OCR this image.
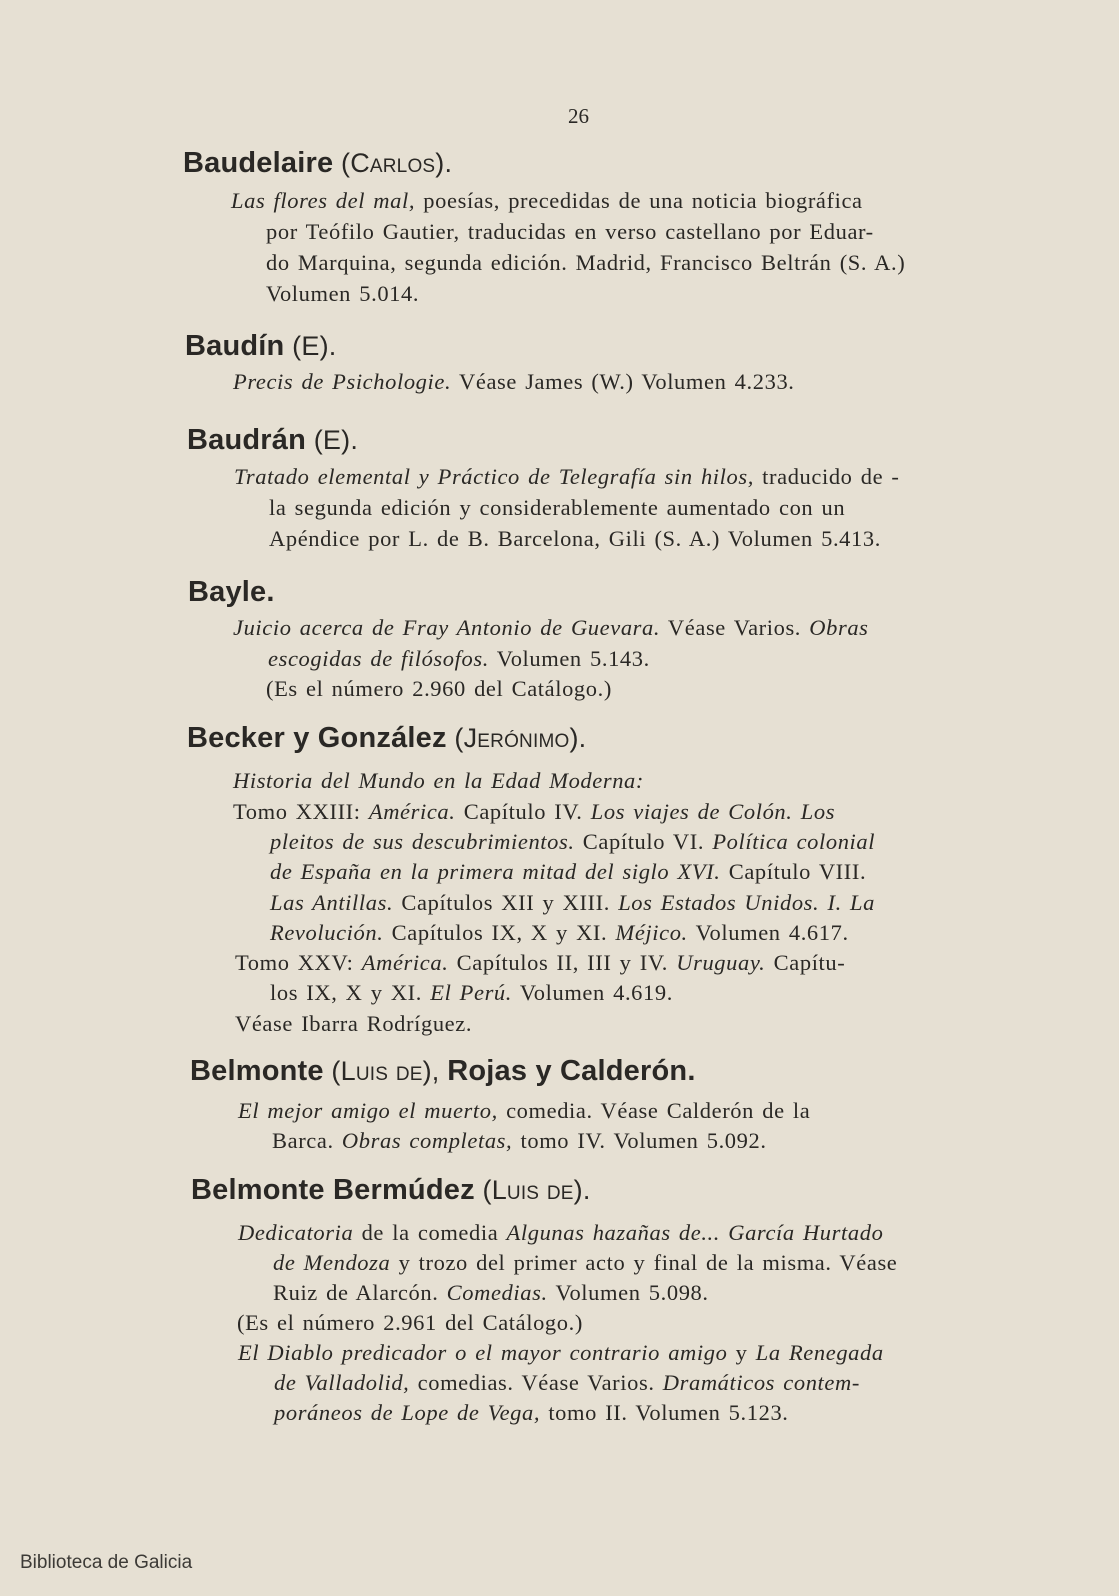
26
Baudelaire (Carlos).
Las flores del mal, poesías, precedidas de una noticia biográfica
por Teófilo Gautier, traducidas en verso castellano por Eduar-
do Marquina, segunda edición. Madrid, Francisco Beltrán (S. A.)
Volumen 5.014.
Baudín (E).
Precis de Psichologie. Véase James (W.) Volumen 4.233.
Baudrán (E).
Tratado elemental y Práctico de Telegrafía sin hilos, traducido de -
la segunda edición y considerablemente aumentado con un
Apéndice por L. de B. Barcelona, Gili (S. A.) Volumen 5.413.
Bayle.
Juicio acerca de Fray Antonio de Guevara. Véase Varios. Obras
escogidas de filósofos. Volumen 5.143.
(Es el número 2.960 del Catálogo.)
Becker y González (Jerónimo).
Historia del Mundo en la Edad Moderna:
Tomo XXIII: América. Capítulo IV. Los viajes de Colón. Los
pleitos de sus descubrimientos. Capítulo VI. Política colonial
de España en la primera mitad del siglo XVI. Capítulo VIII.
Las Antillas. Capítulos XII y XIII. Los Estados Unidos. I. La
Revolución. Capítulos IX, X y XI. Méjico. Volumen 4.617.
Tomo XXV: América. Capítulos II, III y IV. Uruguay. Capítu-
los IX, X y XI. El Perú. Volumen 4.619.
Véase Ibarra Rodríguez.
Belmonte (Luis de), Rojas y Calderón.
El mejor amigo el muerto, comedia. Véase Calderón de la
Barca. Obras completas, tomo IV. Volumen 5.092.
Belmonte Bermúdez (Luis de).
Dedicatoria de la comedia Algunas hazañas de... García Hurtado
de Mendoza y trozo del primer acto y final de la misma. Véase
Ruiz de Alarcón. Comedias. Volumen 5.098.
(Es el número 2.961 del Catálogo.)
El Diablo predicador o el mayor contrario amigo y La Renegada
de Valladolid, comedias. Véase Varios. Dramáticos contem-
poráneos de Lope de Vega, tomo II. Volumen 5.123.
Biblioteca de Galicia
